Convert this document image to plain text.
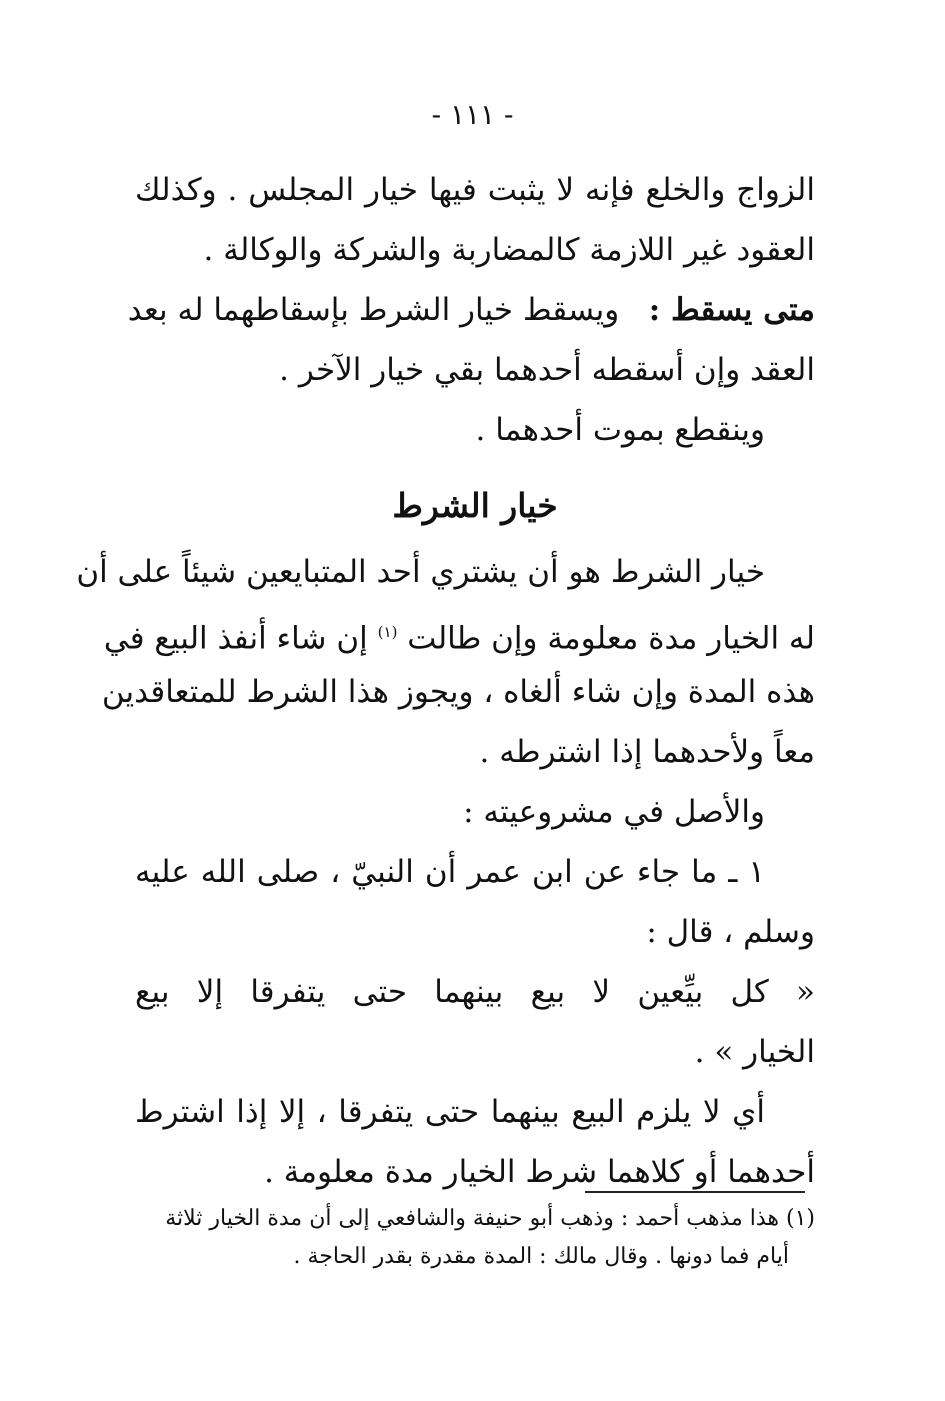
- ١١١ -
الزواج والخلع فإنه لا يثبت فيها خيار المجلس . وكذلك
العقود غير اللازمة كالمضاربة والشركة والوكالة .
متى يسقط :   ويسقط خيار الشرط بإسقاطهما له بعد
العقد وإن أسقطه أحدهما بقي خيار الآخر .
وينقطع بموت أحدهما .
خيار الشرط
خيار الشرط هو أن يشتري أحد المتبايعين شيئاً على أن
له الخيار مدة معلومة وإن طالت $^{(١)}$ إن شاء أنفذ البيع في
هذه المدة وإن شاء ألغاه ، ويجوز هذا الشرط للمتعاقدين
معاً ولأحدهما إذا اشترطه .
والأصل في مشروعيته :
١ ـ ما جاء عن ابن عمر أن النبيّ ، صلى الله عليه
وسلم ، قال :
« كل بيِّعين لا بيع بينهما حتى يتفرقا إلا بيع
الخيار » .
أي لا يلزم البيع بينهما حتى يتفرقا ، إلا إذا اشترط
أحدهما أو كلاهما شرط الخيار مدة معلومة .
(١) هذا مذهب أحمد : وذهب أبو حنيفة والشافعي إلى أن مدة الخيار ثلاثة
أيام فما دونها . وقال مالك : المدة مقدرة بقدر الحاجة .
